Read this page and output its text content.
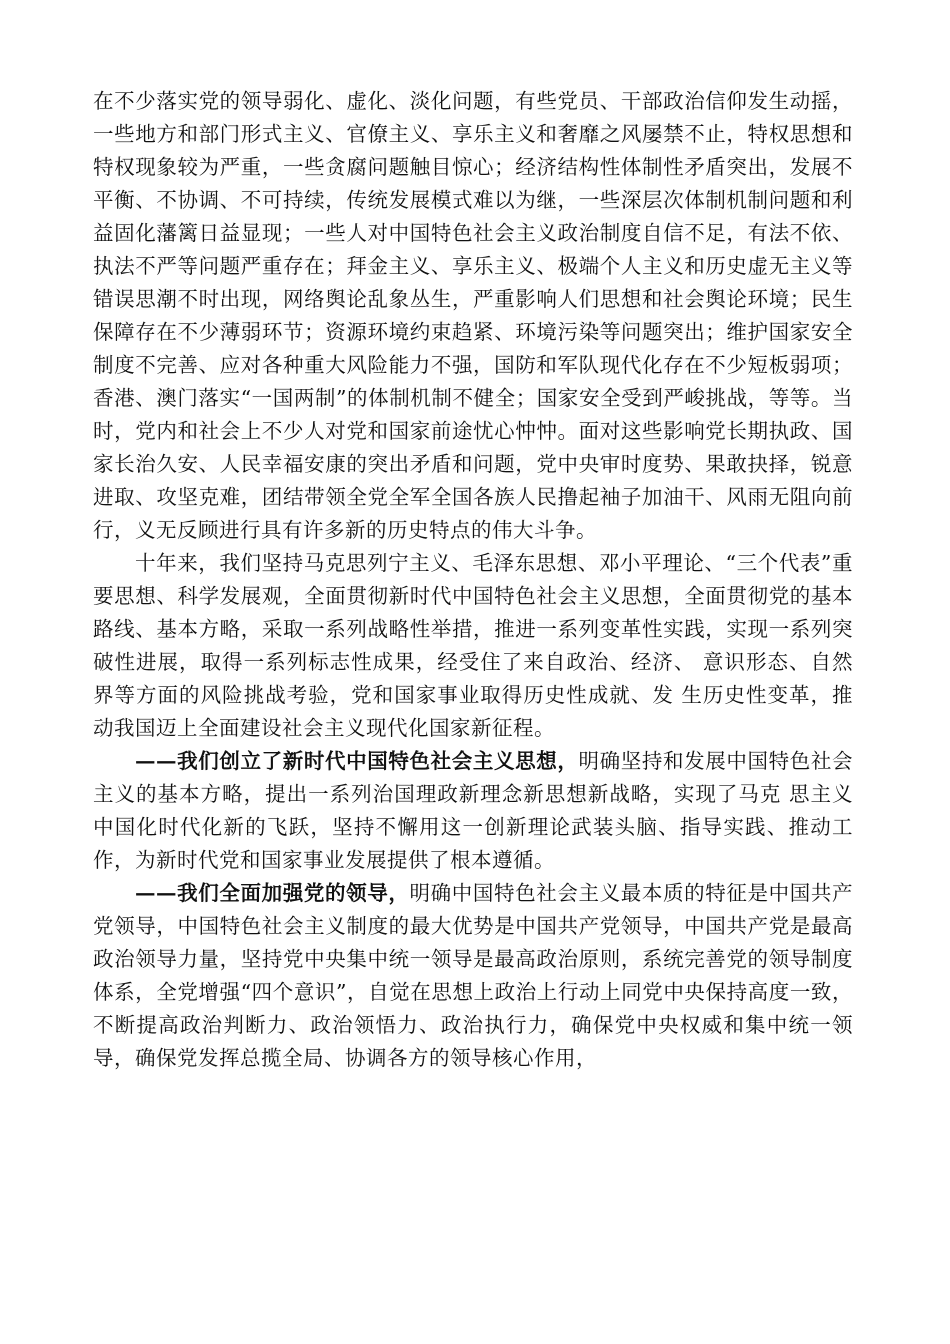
在不少落实党的领导弱化、虚化、淡化问题，有些党员、干部政治信仰发生动摇，一些地方和部门形式主义、官僚主义、享乐主义和奢靡之风屡禁不止，特权思想和特权现象较为严重，一些贪腐问题触目惊心；经济结构性体制性矛盾突出，发展不平衡、不协调、不可持续，传统发展模式难以为继，一些深层次体制机制问题和利益固化藩篱日益显现；一些人对中国特色社会主义政治制度自信不足，有法不依、执法不严等问题严重存在；拜金主义、享乐主义、极端个人主义和历史虚无主义等错误思潮不时出现，网络舆论乱象丛生，严重影响人们思想和社会舆论环境；民生保障存在不少薄弱环节；资源环境约束趋紧、环境污染等问题突出；维护国家安全制度不完善、应对各种重大风险能力不强，国防和军队现代化存在不少短板弱项；香港、澳门落实“一国两制”的体制机制不健全；国家安全受到严峻挑战，等等。当时，党内和社会上不少人对党和国家前途忧心忡忡。面对这些影响党长期执政、国家长治久安、人民幸福安康的突出矛盾和问题，党中央审时度势、果敢抉择，锐意进取、攻坚克难，团结带领全党全军全国各族人民撸起袖子加油干、风雨无阻向前行，义无反顾进行具有许多新的历史特点的伟大斗争。

十年来，我们坚持马克思列宁主义、毛泽东思想、邓小平理论、“三个代表”重要思想、科学发展观，全面贯彻新时代中国特色社会主义思想，全面贯彻党的基本路线、基本方略，采取一系列战略性举措，推进一系列变革性实践，实现一系列突破性进展，取得一系列标志性成果，经受住了来自政治、经济、 意识形态、自然界等方面的风险挑战考验，党和国家事业取得历史性成就、发 生历史性变革，推动我国迈上全面建设社会主义现代化国家新征程。

——我们创立了新时代中国特色社会主义思想，明确坚持和发展中国特色社会主义的基本方略，提出一系列治国理政新理念新思想新战略，实现了马克 思主义中国化时代化新的飞跃，坚持不懈用这一创新理论武装头脑、指导实践、推动工作，为新时代党和国家事业发展提供了根本遵循。

——我们全面加强党的领导，明确中国特色社会主义最本质的特征是中国共产党领导，中国特色社会主义制度的最大优势是中国共产党领导，中国共产党是最高政治领导力量，坚持党中央集中统一领导是最高政治原则，系统完善党的领导制度体系，全党增强“四个意识”，自觉在思想上政治上行动上同党中央保持高度一致，不断提高政治判断力、政治领悟力、政治执行力，确保党中央权威和集中统一领导，确保党发挥总揽全局、协调各方的领导核心作用，
